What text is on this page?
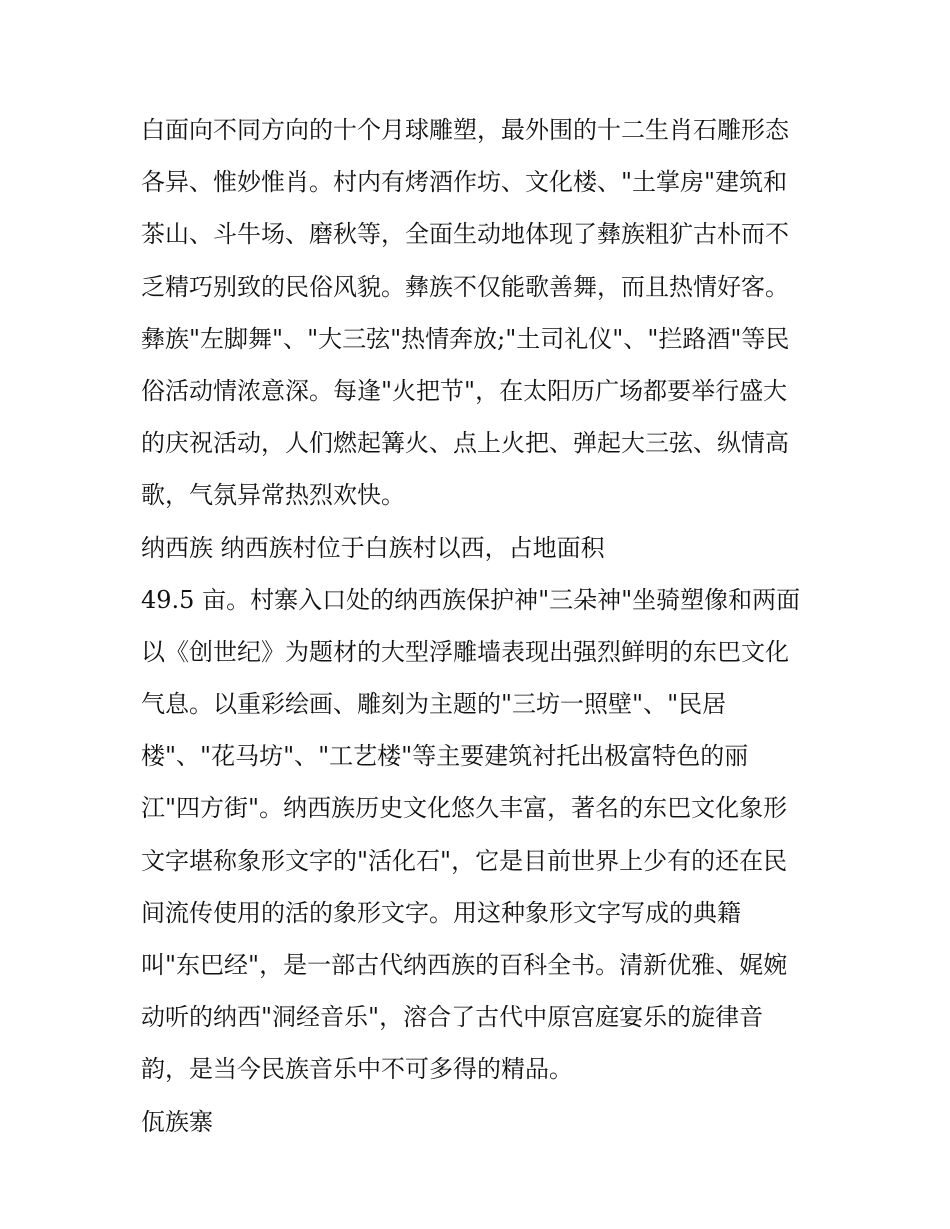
白面向不同方向的十个月球雕塑，最外围的十二生肖石雕形态
各异、惟妙惟肖。村内有烤酒作坊、文化楼、"土掌房"建筑和
茶山、斗牛场、磨秋等，全面生动地体现了彝族粗犷古朴而不
乏精巧别致的民俗风貌。彝族不仅能歌善舞，而且热情好客。
彝族"左脚舞"、"大三弦"热情奔放;"土司礼仪"、"拦路酒"等民
俗活动情浓意深。每逢"火把节"，在太阳历广场都要举行盛大
的庆祝活动，人们燃起篝火、点上火把、弹起大三弦、纵情高
歌，气氛异常热烈欢快。
纳西族 纳西族村位于白族村以西，占地面积
49.5 亩。村寨入口处的纳西族保护神"三朵神"坐骑塑像和两面
以《创世纪》为题材的大型浮雕墙表现出强烈鲜明的东巴文化
气息。以重彩绘画、雕刻为主题的"三坊一照壁"、"民居
楼"、"花马坊"、"工艺楼"等主要建筑衬托出极富特色的丽
江"四方街"。纳西族历史文化悠久丰富，著名的东巴文化象形
文字堪称象形文字的"活化石"，它是目前世界上少有的还在民
间流传使用的活的象形文字。用这种象形文字写成的典籍
叫"东巴经"，是一部古代纳西族的百科全书。清新优雅、娓婉
动听的纳西"洞经音乐"，溶合了古代中原宫庭宴乐的旋律音
韵，是当今民族音乐中不可多得的精品。
佤族寨
